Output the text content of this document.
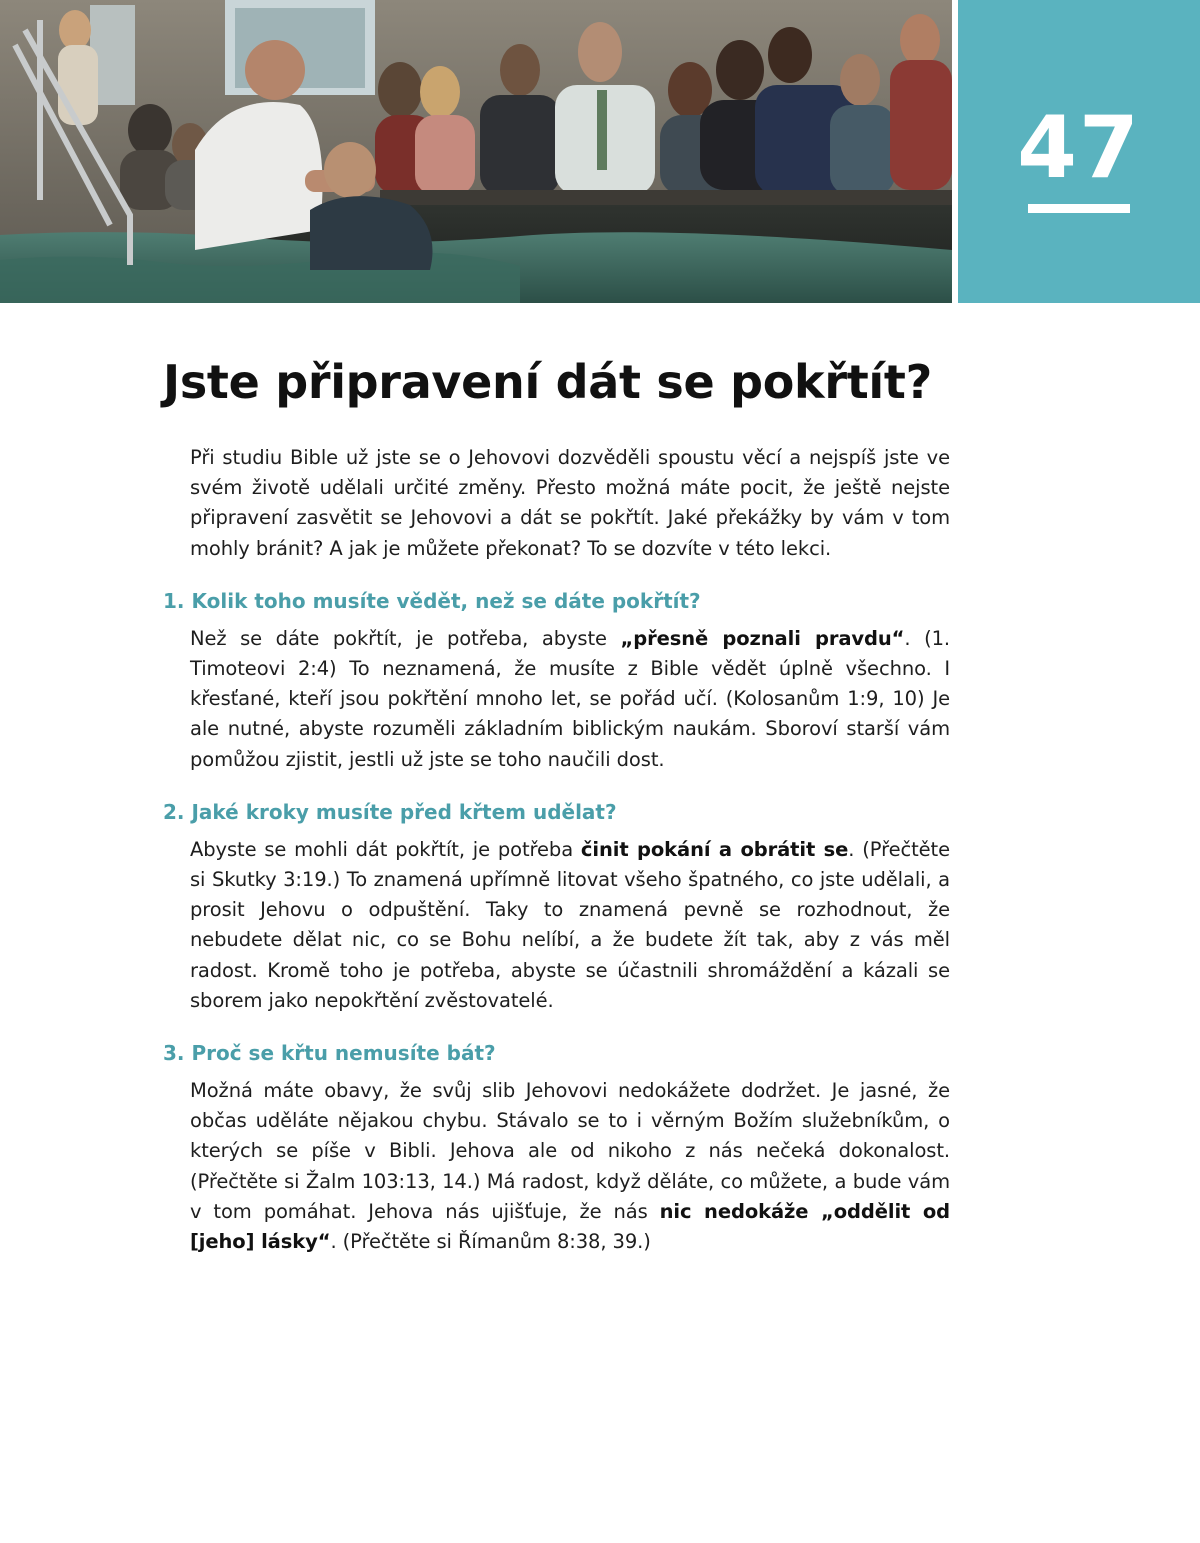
47
Jste připravení dát se pokřtít?

Při studiu Bible už jste se o Jehovovi dozvěděli spoustu věcí a nejspíš jste ve svém životě udělali určité změny. Přesto možná máte pocit, že ještě nejste připravení zasvětit se Jehovovi a dát se pokřtít. Jaké překážky by vám v tom mohly bránit? A jak je můžete překonat? To se dozvíte v této lekci.

1. Kolik toho musíte vědět, než se dáte pokřtít?

Než se dáte pokřtít, je potřeba, abyste „přesně poznali pravdu“. (1. Timoteovi 2:4) To neznamená, že musíte z Bible vědět úplně všechno. I křesťané, kteří jsou pokřtění mnoho let, se pořád učí. (Kolosanům 1:9, 10) Je ale nutné, abyste rozuměli základním biblickým naukám. Sboroví starší vám pomůžou zjistit, jestli už jste se toho naučili dost.

2. Jaké kroky musíte před křtem udělat?

Abyste se mohli dát pokřtít, je potřeba činit pokání a obrátit se. (Přečtěte si Skutky 3:19.) To znamená upřímně litovat všeho špatného, co jste udělali, a prosit Jehovu o odpuštění. Taky to znamená pevně se rozhodnout, že nebudete dělat nic, co se Bohu nelíbí, a že budete žít tak, aby z vás měl radost. Kromě toho je potřeba, abyste se účastnili shromáždění a kázali se sborem jako nepokřtění zvěstovatelé.

3. Proč se křtu nemusíte bát?

Možná máte obavy, že svůj slib Jehovovi nedokážete dodržet. Je jasné, že občas uděláte nějakou chybu. Stávalo se to i věrným Božím služebníkům, o kterých se píše v Bibli. Jehova ale od nikoho z nás nečeká dokonalost. (Přečtěte si Žalm 103:13, 14.) Má radost, když děláte, co můžete, a bude vám v tom pomáhat. Jehova nás ujišťuje, že nás nic nedokáže „oddělit od [jeho] lásky“. (Přečtěte si Římanům 8:38, 39.)
